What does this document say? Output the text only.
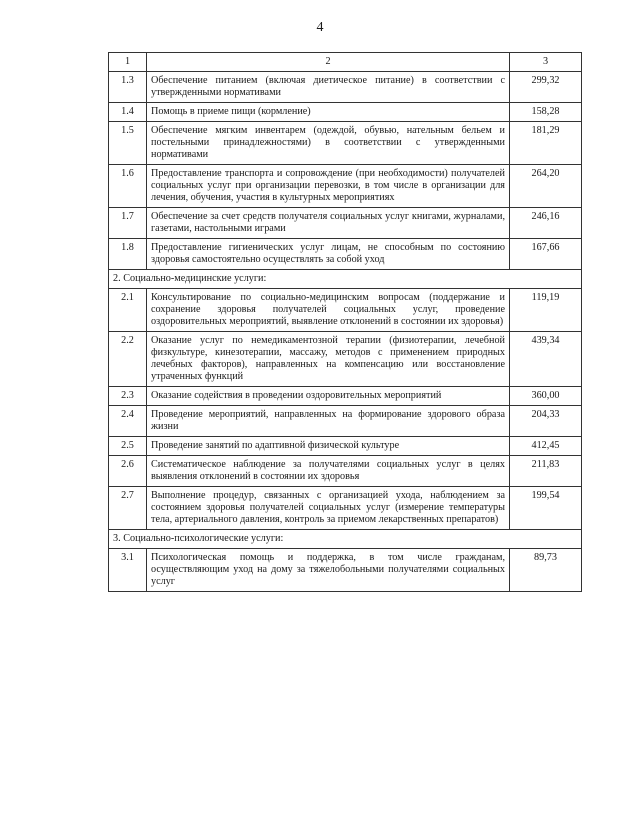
4
1	2	3
1.3	Обеспечение питанием (включая диетическое питание) в соответствии с утвержденными нормативами	299,32
1.4	Помощь в приеме пищи (кормление)	158,28
1.5	Обеспечение мягким инвентарем (одеждой, обувью, нательным бельем и постельными принадлежностями) в соответствии с утвержденными нормативами	181,29
1.6	Предоставление транспорта и сопровождение (при необходимости) получателей социальных услуг при организации перевозки, в том числе в организации для лечения, обучения, участия в культурных мероприятиях	264,20
1.7	Обеспечение за счет средств получателя социальных услуг книгами, журналами, газетами, настольными играми	246,16
1.8	Предоставление гигиенических услуг лицам, не способным по состоянию здоровья самостоятельно осуществлять за собой уход	167,66
2. Социально-медицинские услуги:		
2.1	Консультирование по социально-медицинским вопросам (поддержание и сохранение здоровья получателей социальных услуг, проведение оздоровительных мероприятий, выявление отклонений в состоянии их здоровья)	119,19
2.2	Оказание услуг по немедикаментозной терапии (физиотерапии, лечебной физкультуре, кинезотерапии, массажу, методов с применением природных лечебных факторов), направленных на компенсацию или восстановление утраченных функций	439,34
2.3	Оказание содействия в проведении оздоровительных мероприятий	360,00
2.4	Проведение мероприятий, направленных на формирование здорового образа жизни	204,33
2.5	Проведение занятий по адаптивной физической культуре	412,45
2.6	Систематическое наблюдение за получателями социальных услуг в целях выявления отклонений в состоянии их здоровья	211,83
2.7	Выполнение процедур, связанных с организацией ухода, наблюдением за состоянием здоровья получателей социальных услуг (измерение температуры тела, артериального давления, контроль за приемом лекарственных препаратов)	199,54
3. Социально-психологические услуги:		
3.1	Психологическая помощь и поддержка, в том числе гражданам, осуществляющим уход на дому за тяжелобольными получателями социальных услуг	89,73
